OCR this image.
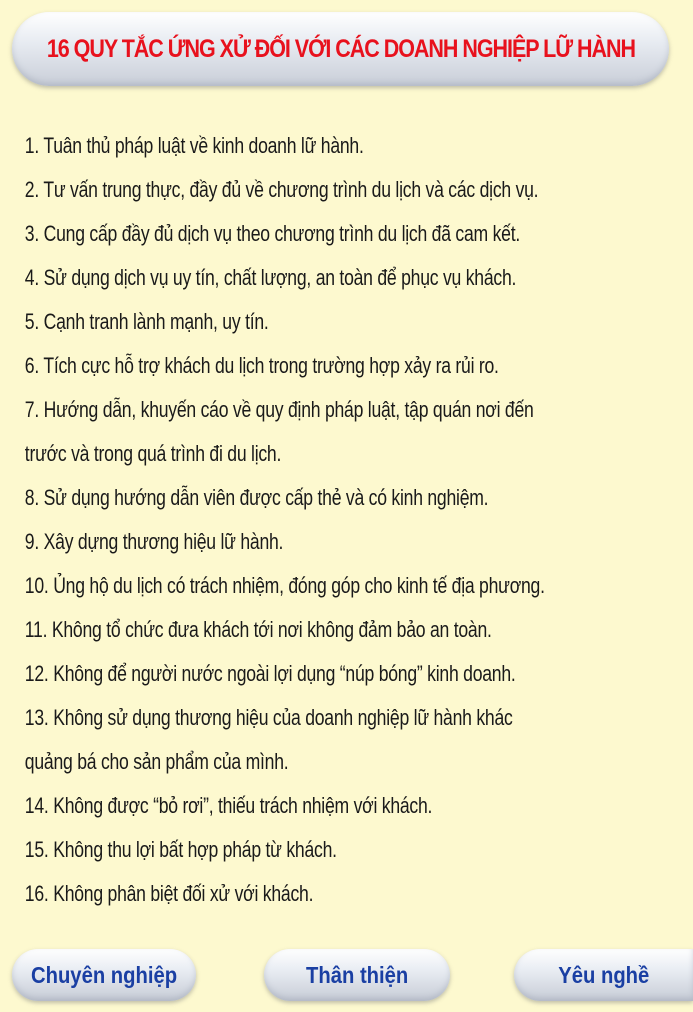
16 QUY TẮC ỨNG XỬ ĐỐI VỚI CÁC DOANH NGHIỆP LỮ HÀNH
1. Tuân thủ pháp luật về kinh doanh lữ hành.
2. Tư vấn trung thực, đầy đủ về chương trình du lịch và các dịch vụ.
3. Cung cấp đầy đủ dịch vụ theo chương trình du lịch đã cam kết.
4. Sử dụng dịch vụ uy tín, chất lượng, an toàn để phục vụ khách.
5. Cạnh tranh lành mạnh, uy tín.
6. Tích cực hỗ trợ khách du lịch trong trường hợp xảy ra rủi ro.
7. Hướng dẫn, khuyến cáo về quy định pháp luật, tập quán nơi đến
trước và trong quá trình đi du lịch.
8. Sử dụng hướng dẫn viên được cấp thẻ và có kinh nghiệm.
9. Xây dựng thương hiệu lữ hành.
10. Ủng hộ du lịch có trách nhiệm, đóng góp cho kinh tế địa phương.
11. Không tổ chức đưa khách tới nơi không đảm bảo an toàn.
12. Không để người nước ngoài lợi dụng “núp bóng” kinh doanh.
13. Không sử dụng thương hiệu của doanh nghiệp lữ hành khác
quảng bá cho sản phẩm của mình.
14. Không được “bỏ rơi”, thiếu trách nhiệm với khách.
15. Không thu lợi bất hợp pháp từ khách.
16. Không phân biệt đối xử với khách.
Chuyên nghiệp	Thân thiện	Yêu nghề
